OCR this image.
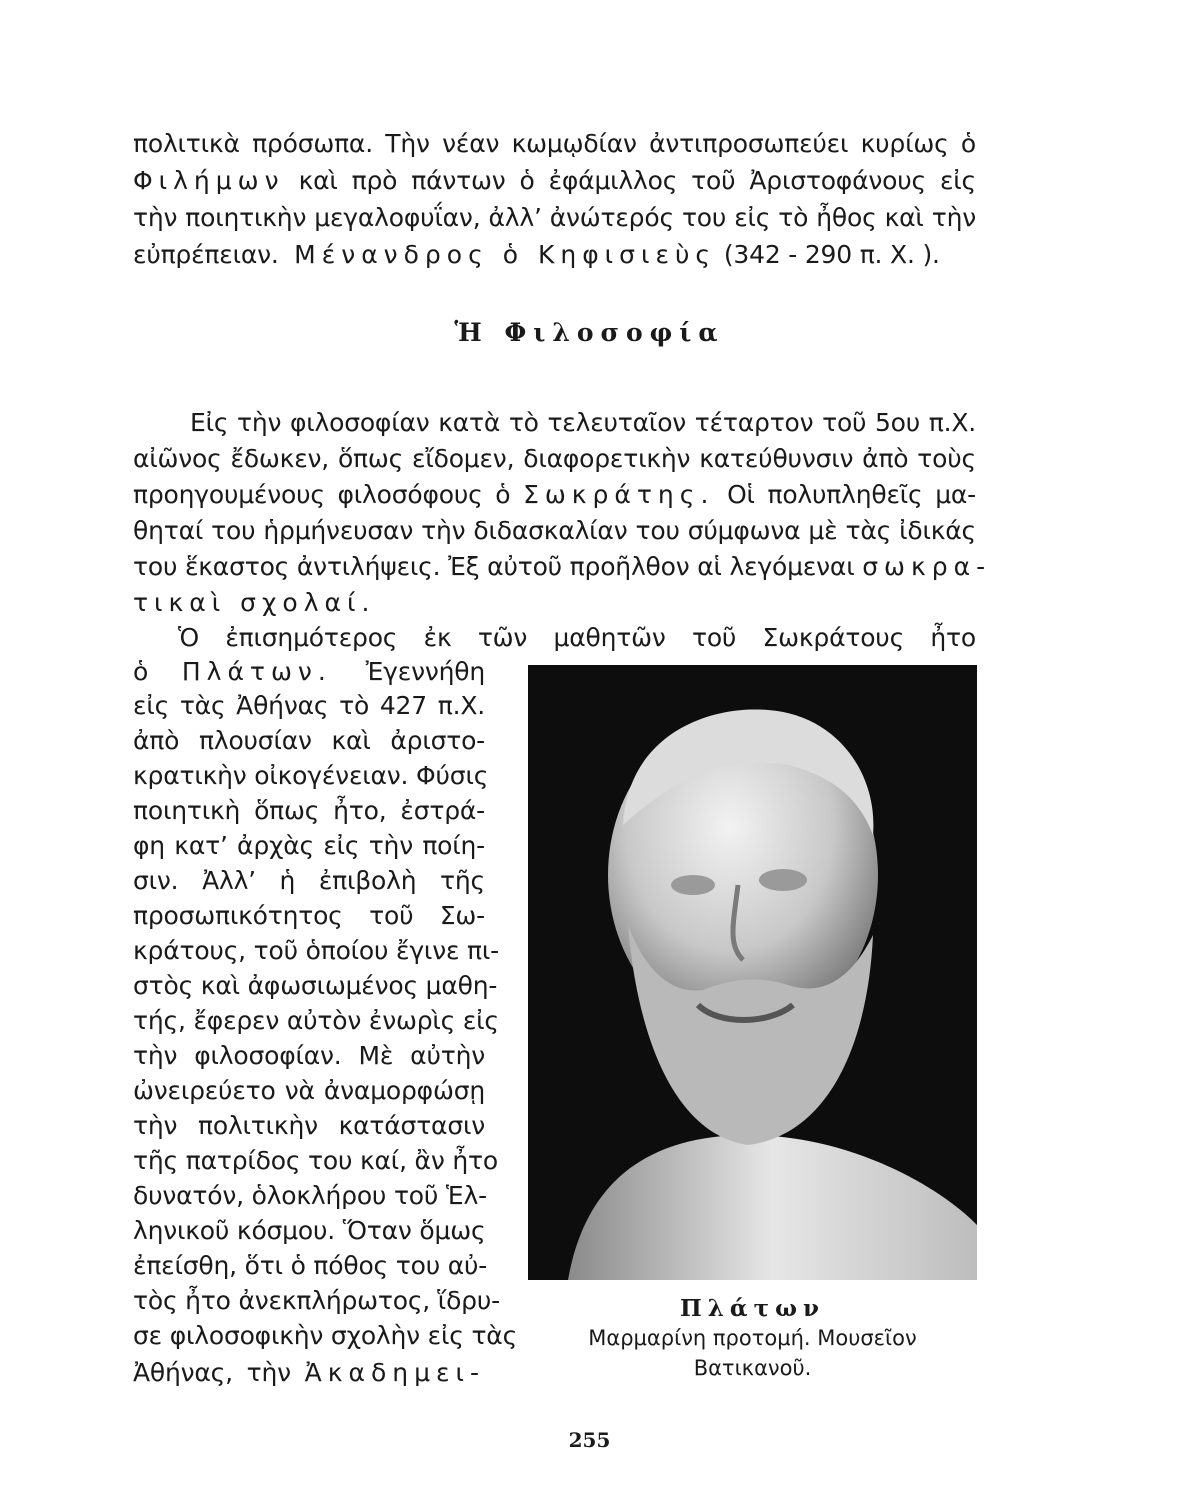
πολιτικὰ πρόσωπα. Τὴν νέαν κωμῳδίαν ἀντιπροσωπεύει κυρίως ὁ
Φιλήμων καὶ πρὸ πάντων ὁ ἐφάμιλλος τοῦ Ἀριστοφάνους εἰς
τὴν ποιητικὴν μεγαλοφυΐαν, ἀλλ’ ἀνώτερός του εἰς τὸ ἦθος καὶ τὴν
εὐπρέπειαν. Μένανδρος ὁ Κηφισιεὺς (342 - 290 π. Χ. ).
Ἡ Φιλοσοφία
Εἰς τὴν φιλοσοφίαν κατὰ τὸ τελευταῖον τέταρτον τοῦ 5ου π.Χ.
αἰῶνος ἔδωκεν, ὅπως εἴδομεν, διαφορετικὴν κατεύθυνσιν ἀπὸ τοὺς
προηγουμένους φιλοσόφους ὁ Σωκράτης. Οἱ πολυπληθεῖς μα-
θηταί του ἡρμήνευσαν τὴν διδασκαλίαν του σύμφωνα μὲ τὰς ἰδικάς
του ἕκαστος ἀντιλήψεις. Ἐξ αὐτοῦ προῆλθον αἱ λεγόμεναι σωκρα-
τικαὶ σχολαί.
Ὁ ἐπισημότερος ἐκ τῶν μαθητῶν τοῦ Σωκράτους ἦτο
ὁ Πλάτων. Ἐγεννήθη
εἰς τὰς Ἀθήνας τὸ 427 π.Χ.
ἀπὸ πλουσίαν καὶ ἀριστο-
κρατικὴν οἰκογένειαν. Φύσις
ποιητικὴ ὅπως ἦτο, ἐστρά-
φη κατ’ ἀρχὰς εἰς τὴν ποίη-
σιν. Ἀλλ’ ἡ ἐπιβολὴ τῆς
προσωπικότητος τοῦ Σω-
κράτους, τοῦ ὁποίου ἔγινε πι-
στὸς καὶ ἀφωσιωμένος μαθη-
τής, ἔφερεν αὐτὸν ἐνωρὶς εἰς
τὴν φιλοσοφίαν. Μὲ αὐτὴν
ὠνειρεύετο νὰ ἀναμορφώσῃ
τὴν πολιτικὴν κατάστασιν
τῆς πατρίδος του καί, ἂν ἦτο
δυνατόν, ὁλοκλήρου τοῦ Ἑλ-
ληνικοῦ κόσμου. Ὅταν ὅμως
ἐπείσθη, ὅτι ὁ πόθος του αὐ-
τὸς ἦτο ἀνεκπλήρωτος, ἵδρυ-
σε φιλοσοφικὴν σχολὴν εἰς τὰς
Ἀθήνας, τὴν Ἀκαδημει-
Πλάτων
Μαρμαρίνη προτομή. Μουσεῖον
Βατικανοῦ.
255
